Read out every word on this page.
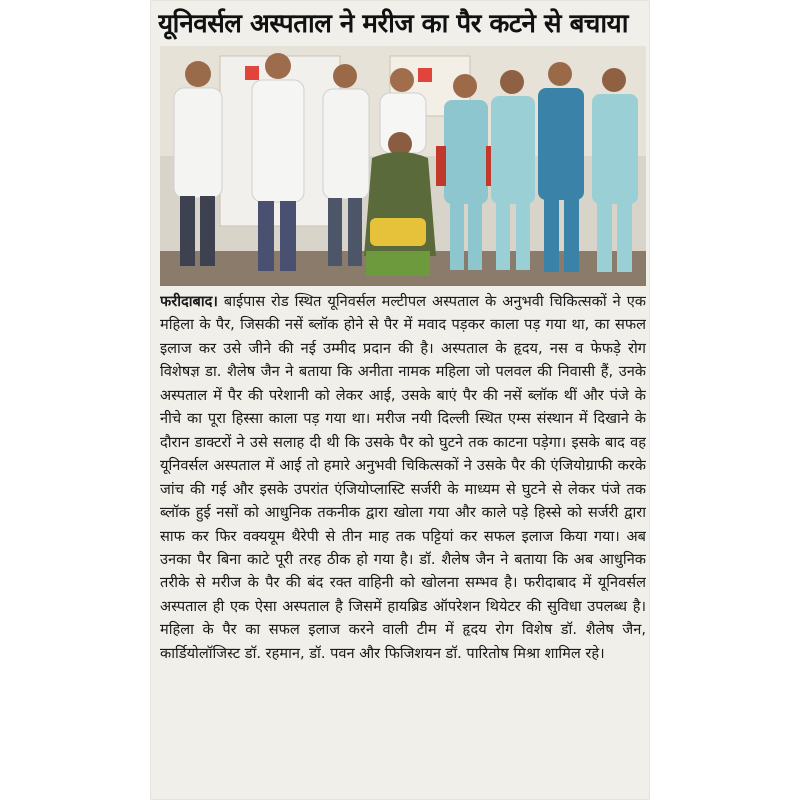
यूनिवर्सल अस्पताल ने मरीज का पैर कटने से बचाया
फरीदाबाद। बाईपास रोड स्थित यूनिवर्सल मल्टीपल अस्पताल के अनुभवी चिकित्सकों ने एक महिला के पैर, जिसकी नसें ब्लॉक होने से पैर में मवाद पड़कर काला पड़ गया था, का सफल इलाज कर उसे जीने की नई उम्मीद प्रदान की है। अस्पताल के हृदय, नस व फेफड़े रोग विशेषज्ञ डा. शैलेष जैन ने बताया कि अनीता नामक महिला जो पलवल की निवासी हैं, उनके अस्पताल में पैर की परेशानी को लेकर आई, उसके बाएं पैर की नसें ब्लॉक थीं और पंजे के नीचे का पूरा हिस्सा काला पड़ गया था। मरीज नयी दिल्ली स्थित एम्स संस्थान में दिखाने के दौरान डाक्टरों ने उसे सलाह दी थी कि उसके पैर को घुटने तक काटना पड़ेगा। इसके बाद वह यूनिवर्सल अस्पताल में आई तो हमारे अनुभवी चिकित्सकों ने उसके पैर की एंजियोग्राफी करके जांच की गई और इसके उपरांत एंजियोप्लास्टि सर्जरी के माध्यम से घुटने से लेकर पंजे तक ब्लॉक हुई नसों को आधुनिक तकनीक द्वारा खोला गया और काले पड़े हिस्से को सर्जरी द्वारा साफ कर फिर वक्ययूम थैरेपी से तीन माह तक पट्टियां कर सफल इलाज किया गया। अब उनका पैर बिना काटे पूरी तरह ठीक हो गया है। डॉ. शैलेष जैन ने बताया कि अब आधुनिक तरीके से मरीज के पैर की बंद रक्त वाहिनी को खोलना सम्भव है। फरीदाबाद में यूनिवर्सल अस्पताल ही एक ऐसा अस्पताल है जिसमें हायब्रिड ऑपरेशन थियेटर की सुविधा उपलब्ध है। महिला के पैर का सफल इलाज करने वाली टीम में हृदय रोग विशेष डॉ. शैलेष जैन, कार्डियोलॉजिस्ट डॉ. रहमान, डॉ. पवन और फिजिशयन डॉ. पारितोष मिश्रा शामिल रहे।
